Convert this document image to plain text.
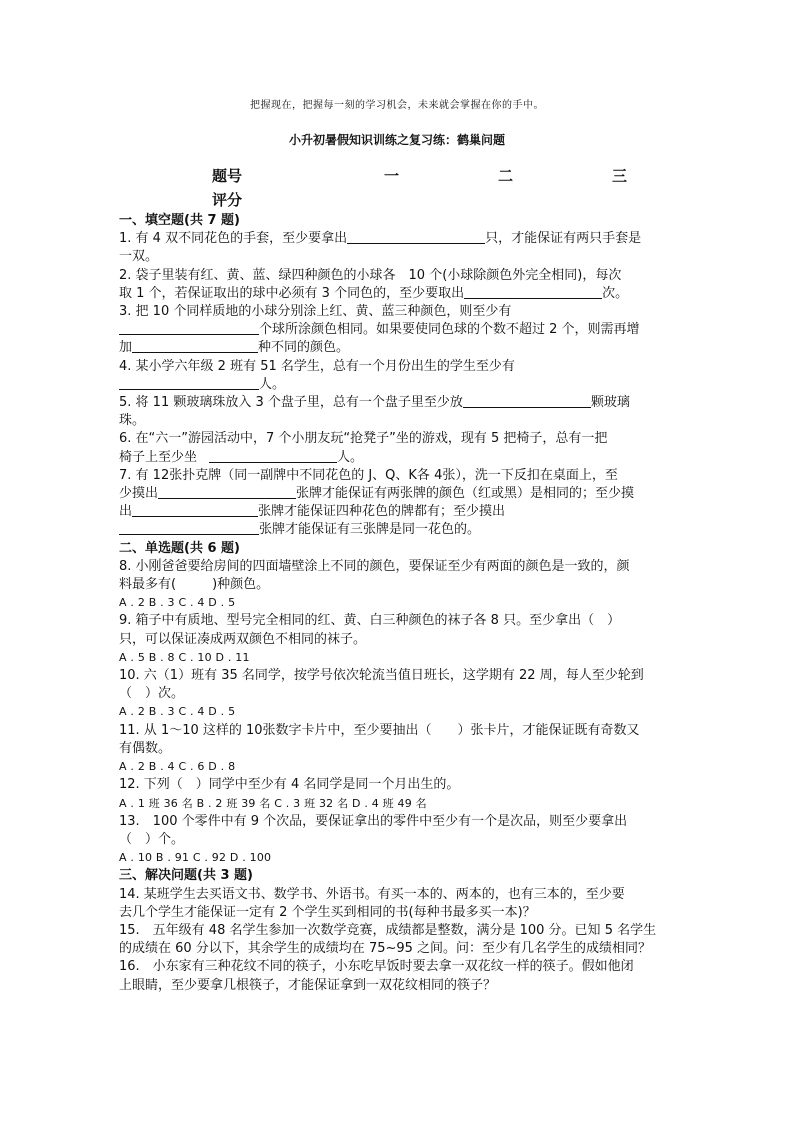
把握现在，把握每一刻的学习机会，未来就会掌握在你的手中。
小升初暑假知识训练之复习练：鹤巢问题
题号	一	二	三
评分
一、填空题(共 7 题)
1. 有 4 双不同花色的手套，至少要拿出	只，才能保证有两只手套是
一双。
2. 袋子里装有红、黄、蓝、绿四种颜色的小球各　10 个(小球除颜色外完全相同)，每次
取 1 个，若保证取出的球中必须有 3 个同色的，至少要取出	次。
3. 把 10 个同样质地的小球分别涂上红、黄、蓝三种颜色，则至少有
个球所涂颜色相同。如果要使同色球的个数不超过 2 个，则需再增
加	种不同的颜色。
4. 某小学六年级 2 班有 51 名学生，总有一个月份出生的学生至少有
人。
5. 将 11 颗玻璃珠放入 3 个盘子里，总有一个盘子里至少放	颗玻璃
珠。
6. 在“六一”游园活动中，7 个小朋友玩“抢凳子”坐的游戏，现有 5 把椅子，总有一把
椅子上至少坐	人。
7. 有 12张扑克牌（同一副牌中不同花色的 J、Q、K各 4张），洗一下反扣在桌面上，至
少摸出	张牌才能保证有两张牌的颜色（红或黑）是相同的；至少摸
出	张牌才能保证四种花色的牌都有；至少摸出
张牌才能保证有三张牌是同一花色的。
二、单选题(共 6 题)
8. 小刚爸爸要给房间的四面墙壁涂上不同的颜色，要保证至少有两面的颜色是一致的，颜
料最多有(	)种颜色。
A . 2 B . 3 C . 4 D . 5
9. 箱子中有质地、型号完全相同的红、黄、白三种颜色的袜子各 8 只。至少拿出（　）
只，可以保证凑成两双颜色不相同的袜子。
A . 5 B . 8 C . 10 D . 11
10. 六（1）班有 35 名同学，按学号依次轮流当值日班长，这学期有 22 周，每人至少轮到
（　）次。
A . 2 B . 3 C . 4 D . 5
11. 从 1～10 这样的 10张数字卡片中，至少要抽出（　　）张卡片，才能保证既有奇数又
有偶数。
A . 2 B . 4 C . 6 D . 8
12. 下列（　）同学中至少有 4 名同学是同一个月出生的。
A . 1 班 36 名 B . 2 班 39 名 C . 3 班 32 名 D . 4 班 49 名
13.　100 个零件中有 9 个次品，要保证拿出的零件中至少有一个是次品，则至少要拿出
（　）个。
A . 10 B . 91 C . 92 D . 100
三、解决问题(共 3 题)
14. 某班学生去买语文书、数学书、外语书。有买一本的、两本的，也有三本的，至少要
去几个学生才能保证一定有 2 个学生买到相同的书(每种书最多买一本)？
15.　五年级有 48 名学生参加一次数学竞赛，成绩都是整数，满分是 100 分。已知 5 名学生
的成绩在 60 分以下，其余学生的成绩均在 75~95 之间。问：至少有几名学生的成绩相同？
16.　小东家有三种花纹不同的筷子，小东吃早饭时要去拿一双花纹一样的筷子。假如他闭
上眼睛，至少要拿几根筷子，才能保证拿到一双花纹相同的筷子？
